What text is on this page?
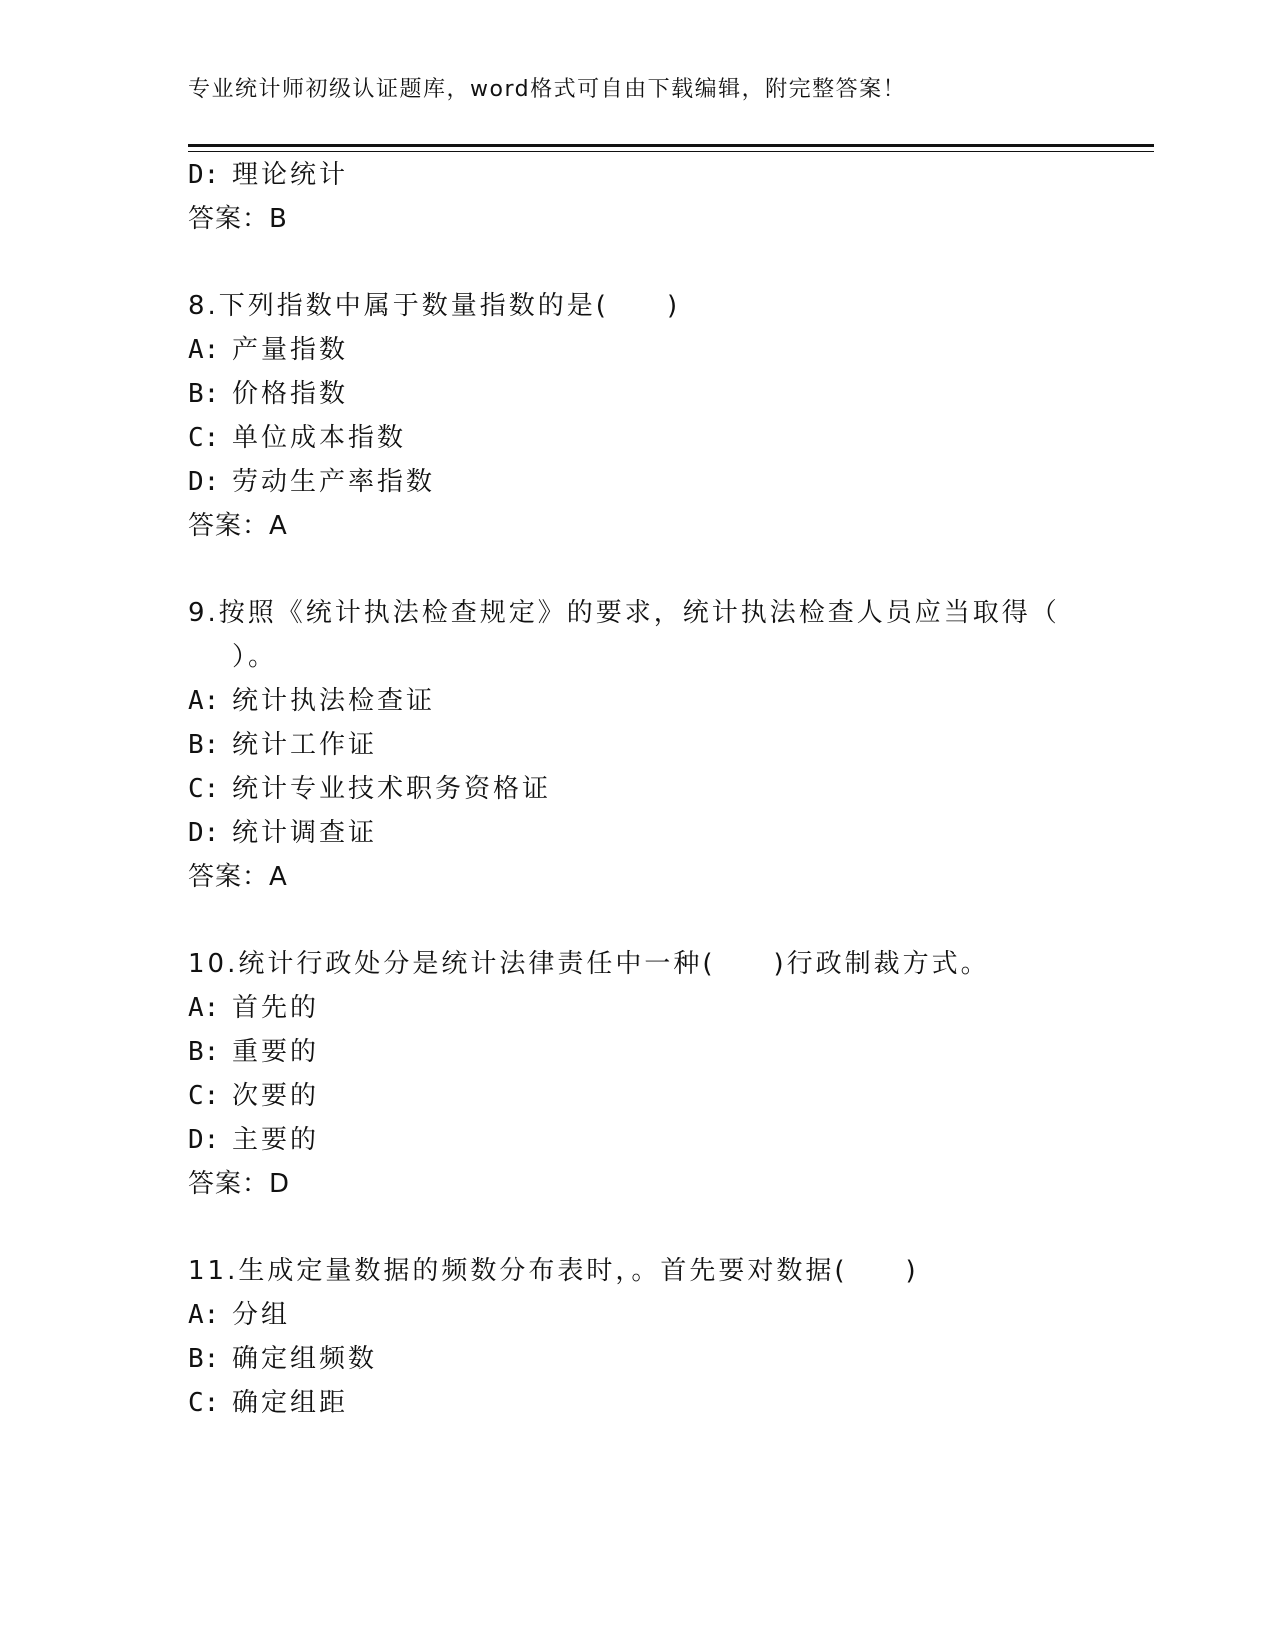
专业统计师初级认证题库，word格式可自由下载编辑，附完整答案！
D: 理论统计
答案：B
8.下列指数中属于数量指数的是(　　)
A: 产量指数
B: 价格指数
C: 单位成本指数
D: 劳动生产率指数
答案：A
9.按照《统计执法检查规定》的要求，统计执法检查人员应当取得（
）。
A: 统计执法检查证
B: 统计工作证
C: 统计专业技术职务资格证
D: 统计调查证
答案：A
10.统计行政处分是统计法律责任中一种(　　)行政制裁方式。
A: 首先的
B: 重要的
C: 次要的
D: 主要的
答案：D
11.生成定量数据的频数分布表时，。首先要对数据(　　)
A: 分组
B: 确定组频数
C: 确定组距
